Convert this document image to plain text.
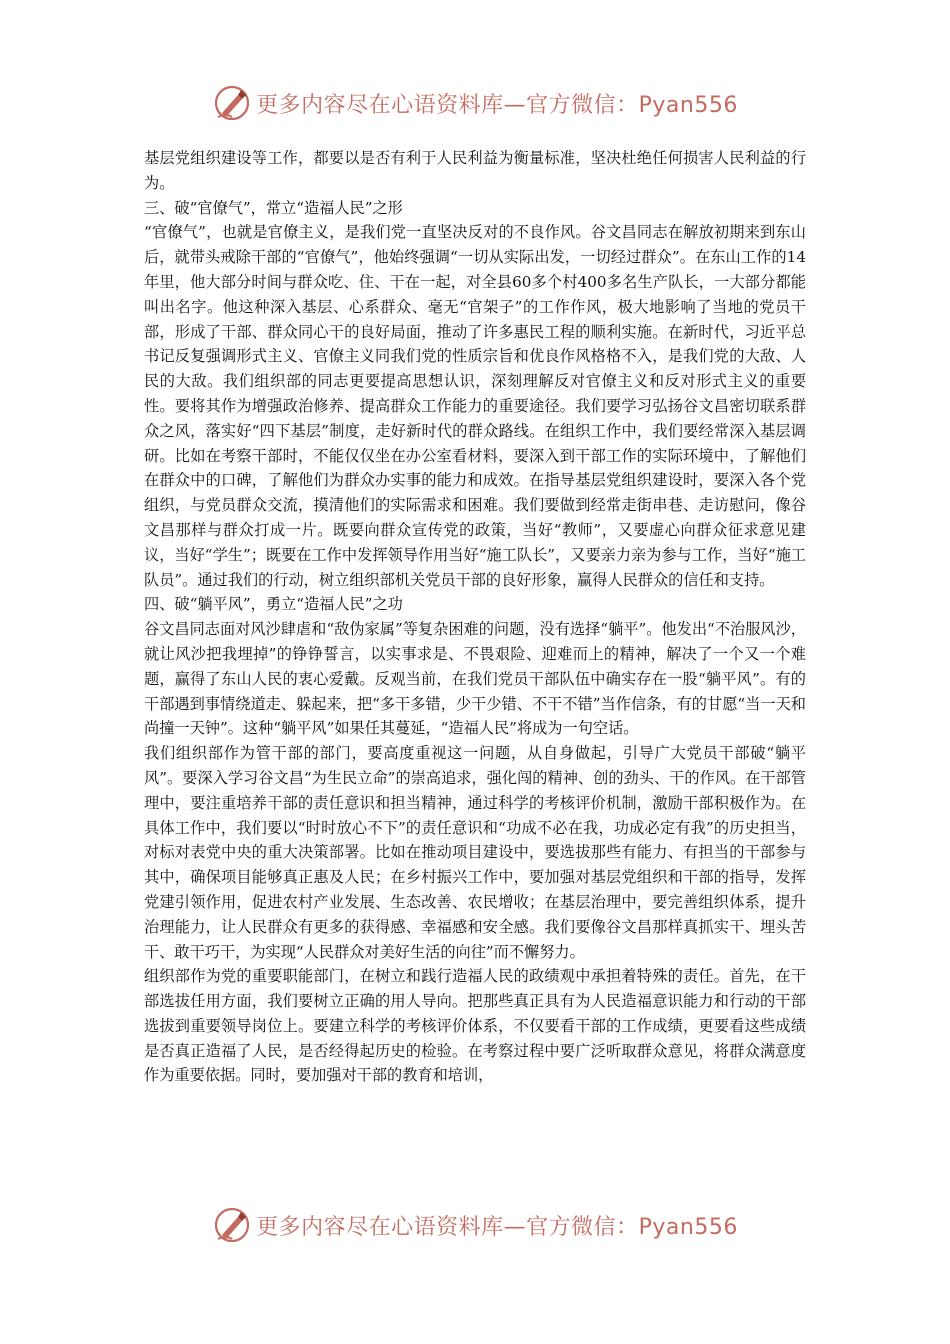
更多内容尽在心语资料库—官方微信：Pyan556

基层党组织建设等工作，都要以是否有利于人民利益为衡量标准，坚决杜绝任何损害人民利益的行为。

三、破“官僚气”，常立“造福人民”之形

“官僚气”，也就是官僚主义，是我们党一直坚决反对的不良作风。谷文昌同志在解放初期来到东山后，就带头戒除干部的“官僚气”，他始终强调“一切从实际出发，一切经过群众”。在东山工作的14年里，他大部分时间与群众吃、住、干在一起，对全县60多个村400多名生产队长，一大部分都能叫出名字。他这种深入基层、心系群众、毫无“官架子”的工作作风，极大地影响了当地的党员干部，形成了干部、群众同心干的良好局面，推动了许多惠民工程的顺利实施。在新时代，习近平总书记反复强调形式主义、官僚主义同我们党的性质宗旨和优良作风格格不入，是我们党的大敌、人民的大敌。我们组织部的同志更要提高思想认识，深刻理解反对官僚主义和反对形式主义的重要性。要将其作为增强政治修养、提高群众工作能力的重要途径。我们要学习弘扬谷文昌密切联系群众之风，落实好“四下基层”制度，走好新时代的群众路线。在组织工作中，我们要经常深入基层调研。比如在考察干部时，不能仅仅坐在办公室看材料，要深入到干部工作的实际环境中，了解他们在群众中的口碑，了解他们为群众办实事的能力和成效。在指导基层党组织建设时，要深入各个党组织，与党员群众交流，摸清他们的实际需求和困难。我们要做到经常走街串巷、走访慰问，像谷文昌那样与群众打成一片。既要向群众宣传党的政策，当好“教师”，又要虚心向群众征求意见建议，当好“学生”；既要在工作中发挥领导作用当好“施工队长”，又要亲力亲为参与工作，当好“施工队员”。通过我们的行动，树立组织部机关党员干部的良好形象，赢得人民群众的信任和支持。

四、破“躺平风”，勇立“造福人民”之功

谷文昌同志面对风沙肆虐和“敌伪家属”等复杂困难的问题，没有选择“躺平”。他发出“不治服风沙，就让风沙把我埋掉”的铮铮誓言，以实事求是、不畏艰险、迎难而上的精神，解决了一个又一个难题，赢得了东山人民的衷心爱戴。反观当前，在我们党员干部队伍中确实存在一股“躺平风”。有的干部遇到事情绕道走、躲起来，把“多干多错，少干少错、不干不错”当作信条，有的甘愿“当一天和尚撞一天钟”。这种“躺平风”如果任其蔓延，“造福人民”将成为一句空话。

我们组织部作为管干部的部门，要高度重视这一问题，从自身做起，引导广大党员干部破“躺平风”。要深入学习谷文昌“为生民立命”的崇高追求，强化闯的精神、创的劲头、干的作风。在干部管理中，要注重培养干部的责任意识和担当精神，通过科学的考核评价机制，激励干部积极作为。在具体工作中，我们要以“时时放心不下”的责任意识和“功成不必在我，功成必定有我”的历史担当，对标对表党中央的重大决策部署。比如在推动项目建设中，要选拔那些有能力、有担当的干部参与其中，确保项目能够真正惠及人民；在乡村振兴工作中，要加强对基层党组织和干部的指导，发挥党建引领作用，促进农村产业发展、生态改善、农民增收；在基层治理中，要完善组织体系，提升治理能力，让人民群众有更多的获得感、幸福感和安全感。我们要像谷文昌那样真抓实干、埋头苦干、敢干巧干，为实现“人民群众对美好生活的向往”而不懈努力。

组织部作为党的重要职能部门，在树立和践行造福人民的政绩观中承担着特殊的责任。首先，在干部选拔任用方面，我们要树立正确的用人导向。把那些真正具有为人民造福意识能力和行动的干部选拔到重要领导岗位上。要建立科学的考核评价体系，不仅要看干部的工作成绩，更要看这些成绩是否真正造福了人民，是否经得起历史的检验。在考察过程中要广泛听取群众意见，将群众满意度作为重要依据。同时，要加强对干部的教育和培训，

更多内容尽在心语资料库—官方微信：Pyan556
